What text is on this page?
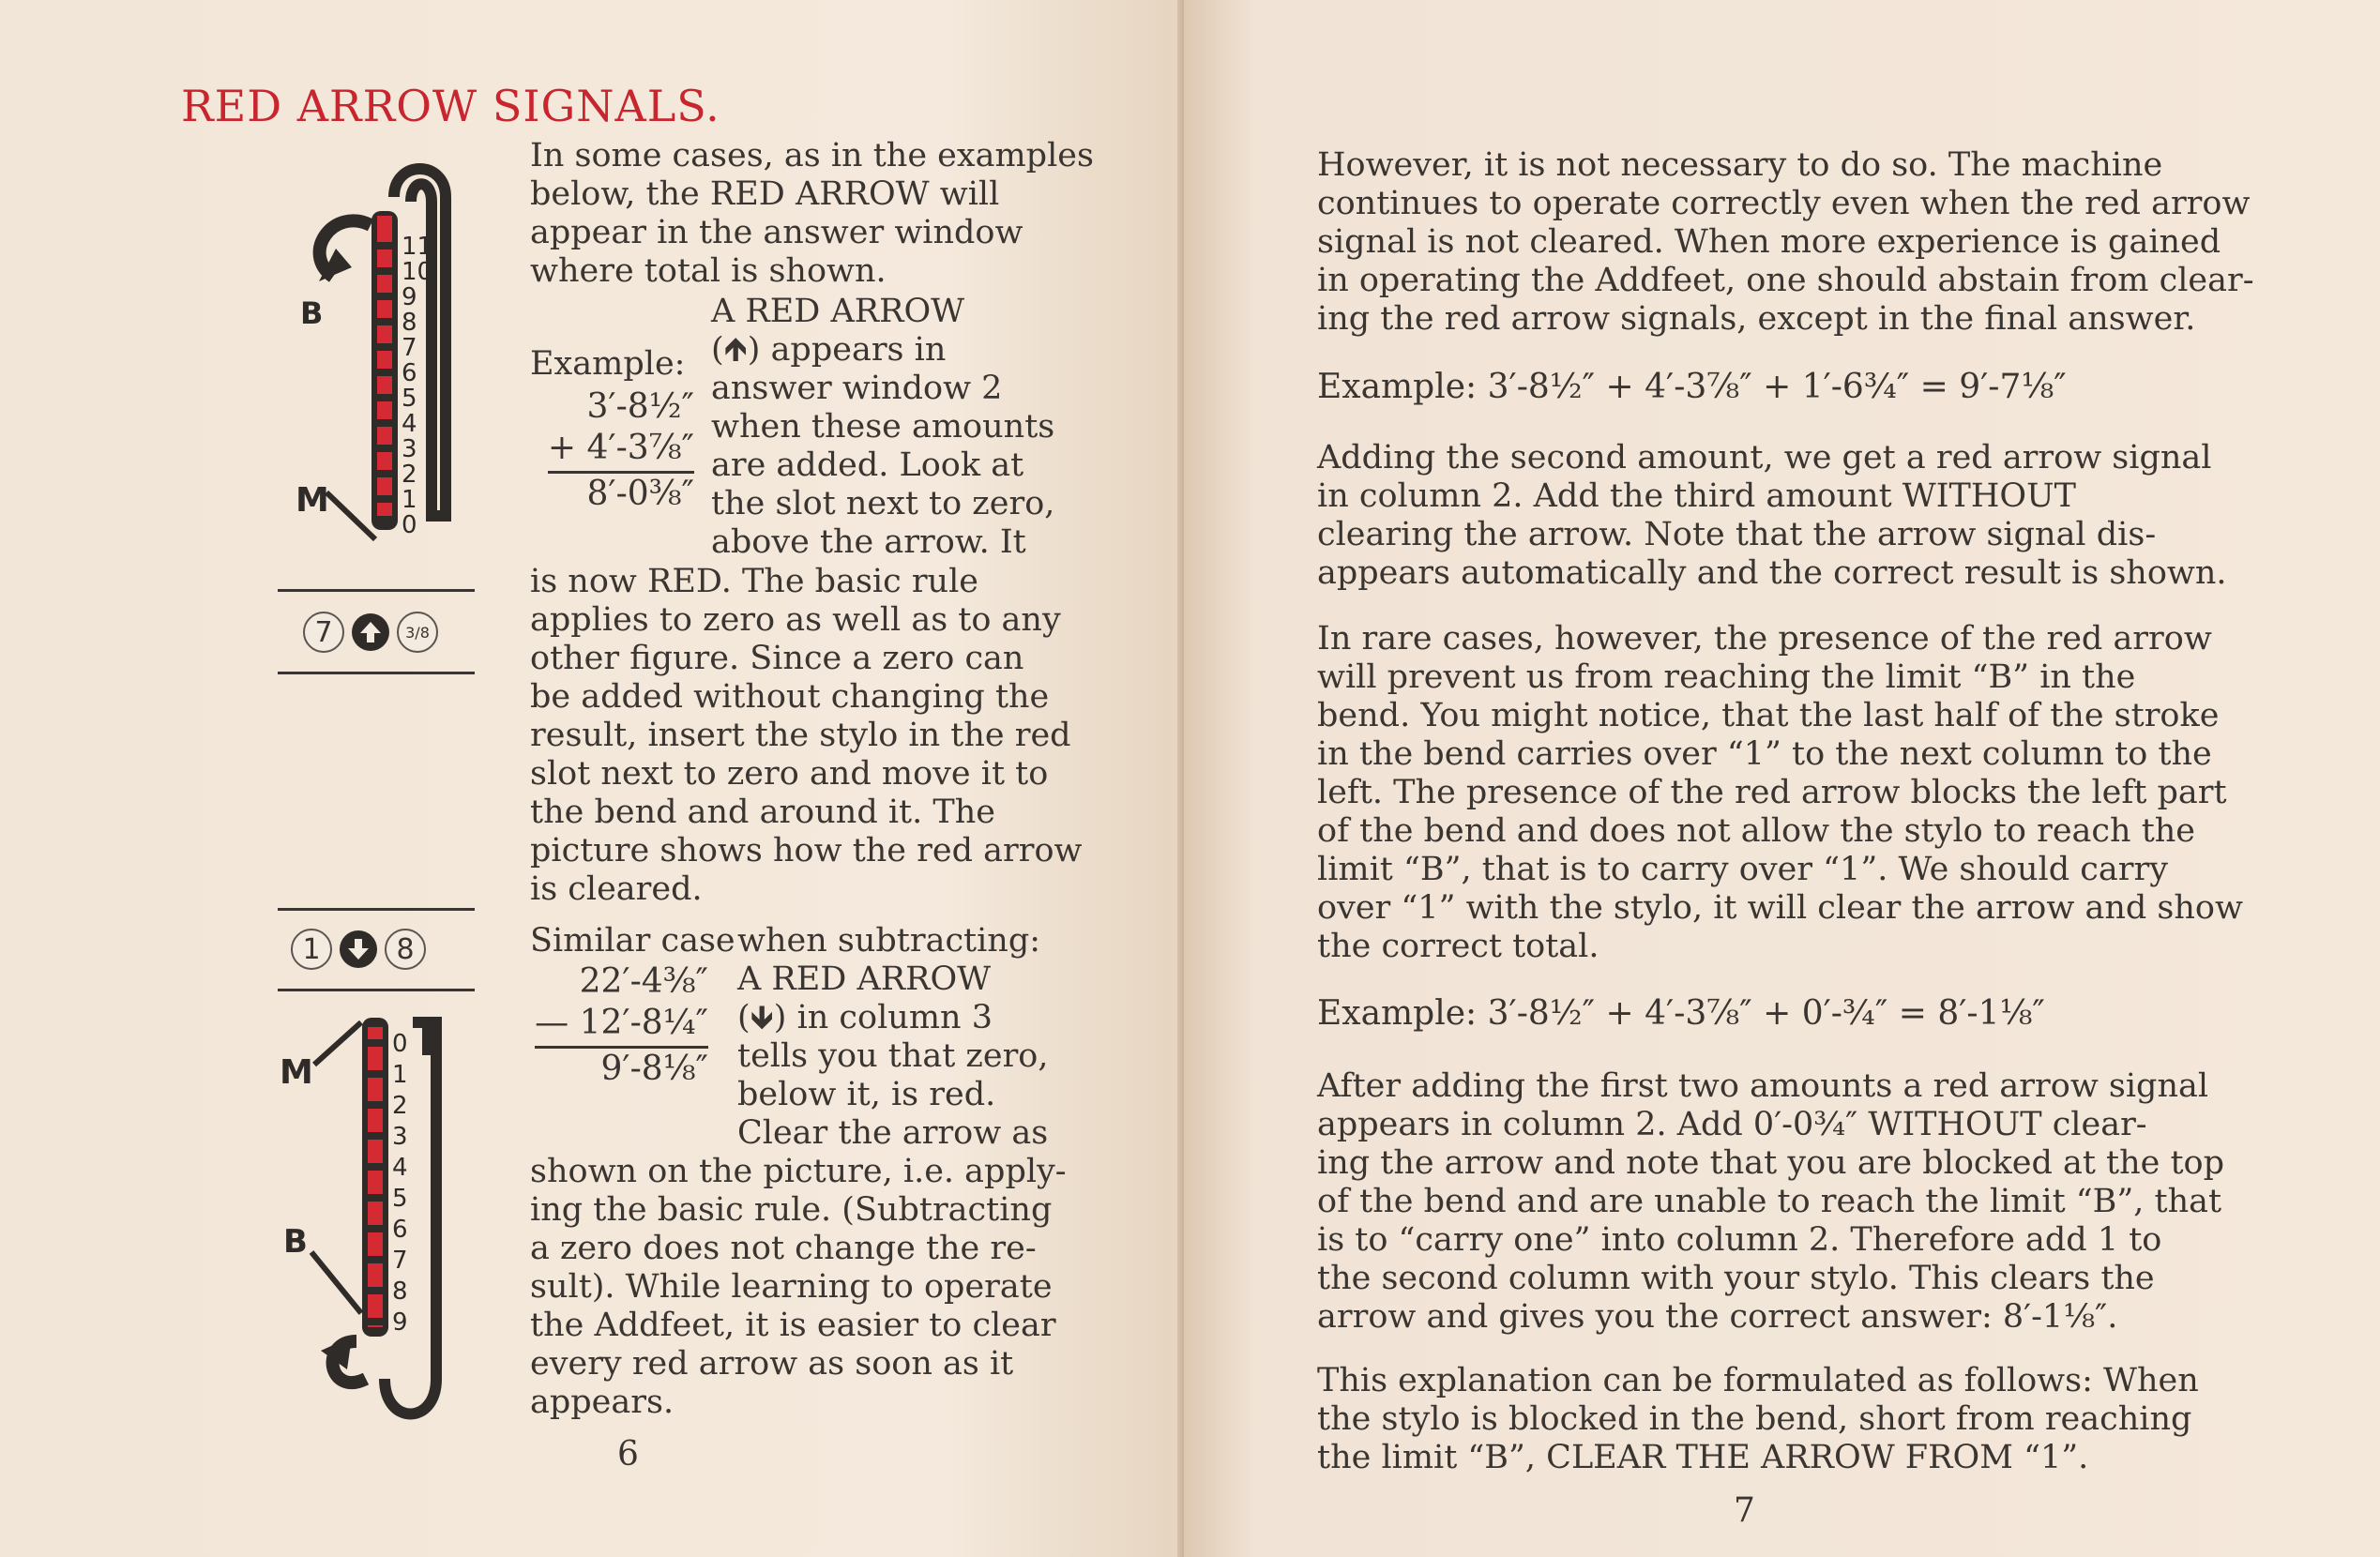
RED ARROW SIGNALS.
11
10
9
8
7
6
5
4
3
2
1
0
B
M
7	3/8
1	8
0
1
2
3
4
5
6
7
8
9
M
B
In some cases, as in the examples
below, the RED ARROW will
appear in the answer window
where total is shown.
Example:
3′-8½″
+ 4′-3⅞″
8′-0⅜″
A RED ARROW
(🡹) appears in
answer window 2
when these amounts
are added. Look at
the slot next to zero,
above the arrow. It
is now RED. The basic rule
applies to zero as well as to any
other figure. Since a zero can
be added without changing the
result, insert the stylo in the red
slot next to zero and move it to
the bend and around it. The
picture shows how the red arrow
is cleared.
Similar case
22′-4⅜″
— 12′-8¼″
9′-8⅛″
when subtracting:
A RED ARROW
(🡻) in column 3
tells you that zero,
below it, is red.
Clear the arrow as
shown on the picture, i.e. apply-
ing the basic rule. (Subtracting
a zero does not change the re-
sult). While learning to operate
the Addfeet, it is easier to clear
every red arrow as soon as it
appears.
6
However, it is not necessary to do so. The machine
continues to operate correctly even when the red arrow
signal is not cleared. When more experience is gained
in operating the Addfeet, one should abstain from clear-
ing the red arrow signals, except in the final answer.
Example: 3′-8½″ + 4′-3⅞″ + 1′-6¾″ = 9′-7⅛″
Adding the second amount, we get a red arrow signal
in column 2. Add the third amount WITHOUT
clearing the arrow. Note that the arrow signal dis-
appears automatically and the correct result is shown.
In rare cases, however, the presence of the red arrow
will prevent us from reaching the limit “B” in the
bend. You might notice, that the last half of the stroke
in the bend carries over “1” to the next column to the
left. The presence of the red arrow blocks the left part
of the bend and does not allow the stylo to reach the
limit “B”, that is to carry over “1”. We should carry
over “1” with the stylo, it will clear the arrow and show
the correct total.
Example: 3′-8½″ + 4′-3⅞″ + 0′-¾″ = 8′-1⅛″
After adding the first two amounts a red arrow signal
appears in column 2. Add 0′-0¾″ WITHOUT clear-
ing the arrow and note that you are blocked at the top
of the bend and are unable to reach the limit “B”, that
is to “carry one” into column 2. Therefore add 1 to
the second column with your stylo. This clears the
arrow and gives you the correct answer: 8′-1⅛″.
This explanation can be formulated as follows: When
the stylo is blocked in the bend, short from reaching
the limit “B”, CLEAR THE ARROW FROM “1”.
7
